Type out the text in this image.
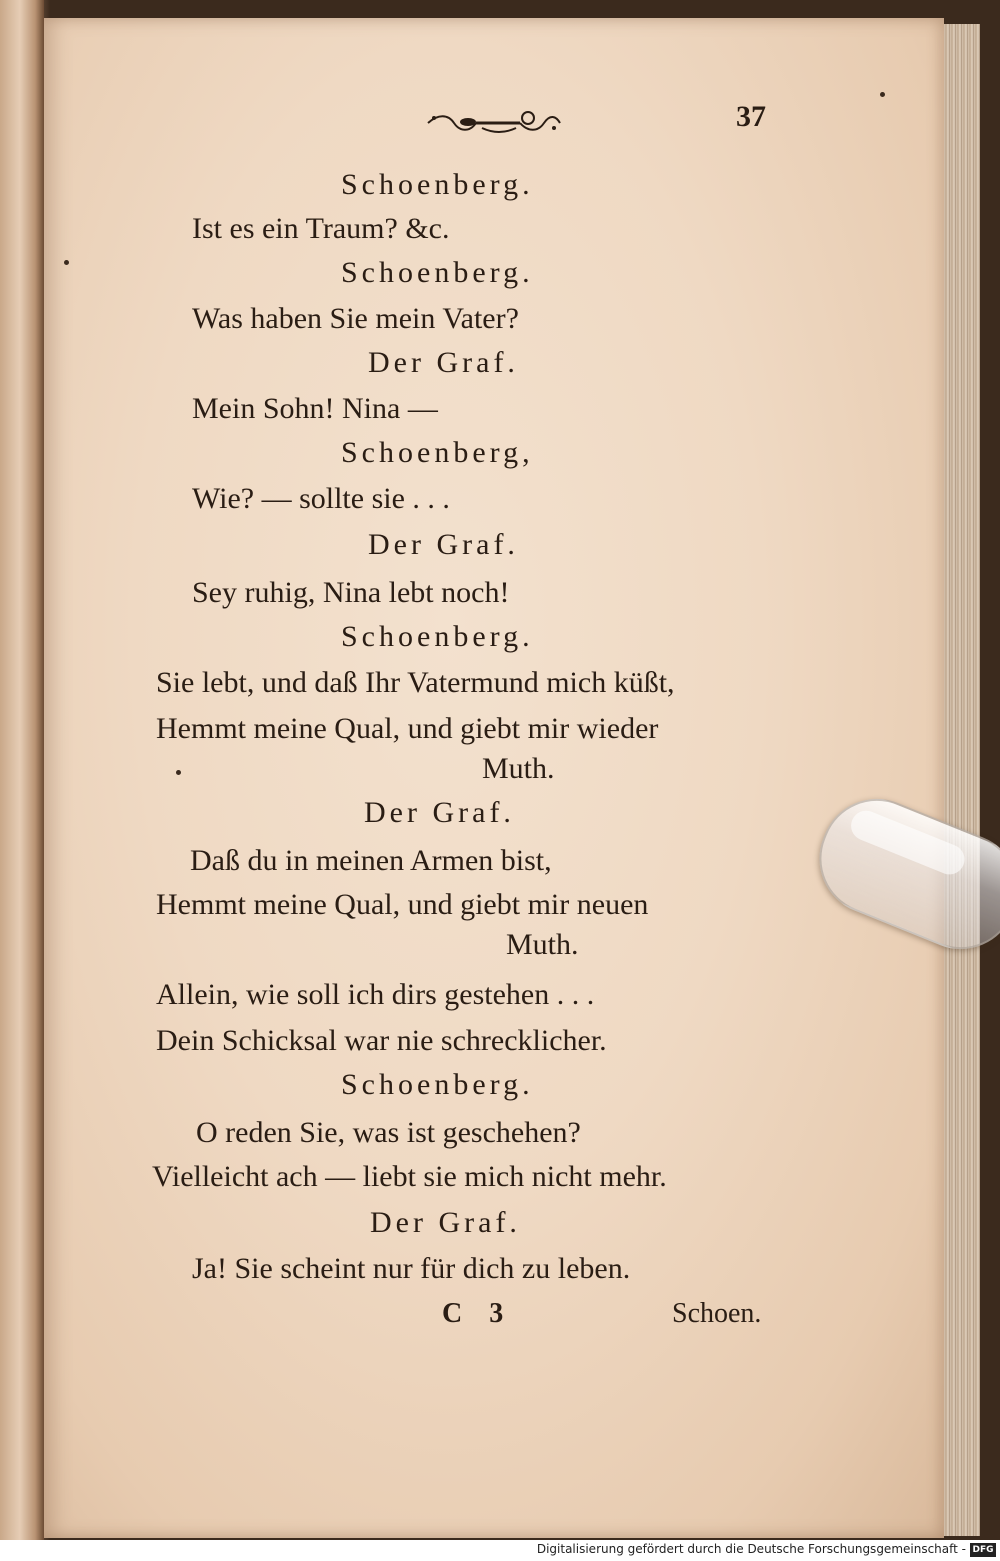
37
Schoenberg.
Ist es ein Traum? &c.
Schoenberg.
Was haben Sie mein Vater?
Der Graf.
Mein Sohn! Nina —
Schoenberg,
Wie? — sollte sie . . .
Der Graf.
Sey ruhig, Nina lebt noch!
Schoenberg.
Sie lebt, und daß Ihr Vatermund mich küßt,
Hemmt meine Qual, und giebt mir wieder
Muth.
Der Graf.
Daß du in meinen Armen bist,
Hemmt meine Qual, und giebt mir neuen
Muth.
Allein, wie soll ich dirs gestehen . . .
Dein Schicksal war nie schrecklicher.
Schoenberg.
O reden Sie, was ist geschehen?
Vielleicht ach — liebt sie mich nicht mehr.
Der Graf.
Ja! Sie scheint nur für dich zu leben.
C 3	Schoen.
Digitalisierung gefördert durch die Deutsche Forschungsgemeinschaft - DFG
